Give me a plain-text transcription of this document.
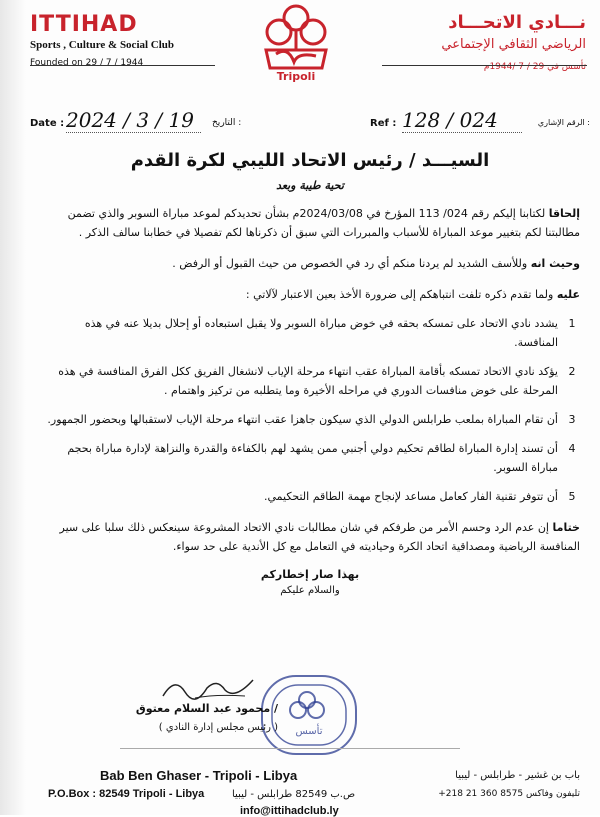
ITTIHAD
Sports , Culture & Social Club
Founded on 29 / 7 / 1944
Tripoli
نـــادي الاتحـــاد
الرياضي الثقافي الإجتماعي
تأسس في 29 / 7 /1944م
Date : 2024 / 3 / 19 التاريخ :	Ref : 128 / 024	الرقم الإشاري :
السيـــد / رئيس الاتحاد الليبي لكرة القدم
تحية طيبة وبعد
إلحاقا لكتابنا إليكم رقم 024/ 113 المؤرخ في 2024/03/08م بشأن تحديدكم لموعد مباراة السوبر والذي تضمن مطالبتنا لكم بتغيير موعد المباراة للأسباب والمبررات التي سبق أن ذكرناها لكم تفصيلا في خطابنا سالف الذكر .
وحيث انه وللأسف الشديد لم يردنا منكم أي رد في الخصوص من حيث القبول أو الرفض .
عليه ولما تقدم ذكره تلفت انتباهكم إلى ضرورة الأخذ بعين الاعتبار لآلاتي :
1
يشدد نادي الاتحاد على تمسكه بحقه في خوض مباراة السوبر ولا يقبل استبعاده أو إحلال بديلا عنه في هذه المنافسة.
2
يؤكد نادي الاتحاد تمسكه بأقامة المباراة عقب انتهاء مرحلة الإياب لانشغال الفريق ككل الفرق المنافسة في هذه المرحلة على خوض منافسات الدوري في مراحله الأخيرة وما يتطلبه من تركيز واهتمام .
3
أن تقام المباراة بملعب طرابلس الدولي الذي سيكون جاهزا عقب انتهاء مرحلة الإياب لاستقبالها وبحضور الجمهور.
4
أن تسند إدارة المباراة لطاقم تحكيم دولي أجنبي ممن يشهد لهم بالكفاءة والقدرة والنزاهة لإدارة مباراة بحجم مباراة السوبر.
5
أن تتوفر تقنية الفار كعامل مساعد لإنجاح مهمة الطاقم التحكيمي.
ختاما إن عدم الرد وحسم الأمر من طرفكم في شان مطالبات نادي الاتحاد المشروعة سينعكس ذلك سلبا على سير المنافسة الرياضية ومصداقية اتحاد الكرة وحياديته في التعامل مع كل الأندية على حد سواء.
بهذا صار إخطاركم
والسلام عليكم
تأسس
/ محمود عبد السلام معتوق
( رئيس مجلس إدارة النادي )
Bab Ben Ghaser - Tripoli - Libya	باب بن غشير - طرابلس - ليبيا
P.O.Box : 82549 Tripoli - Libya	ص.ب 82549 طرابلس - ليبيا	تليفون وفاكس 8575 360 21 218+
info@ittihadclub.ly
